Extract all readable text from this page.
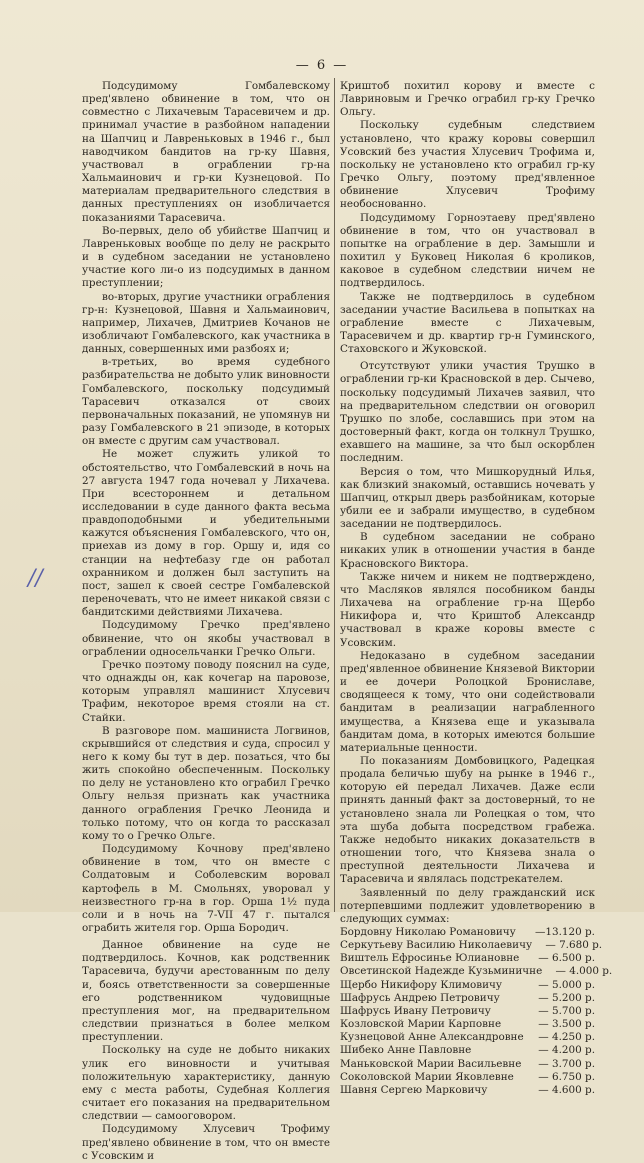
— 6 —

Подсудимому Гомбалевскому пред'явлено обвинение в том, что он совместно с Лихачевым Тарасевичем и др. принимал участие в разбойном нападении на Шапчиц и Лавреньковых в 1946 г., был наводчиком бандитов на гр-ку Шавня, участвовал в ограблении гр-на Хальмаинович и гр-ки Кузнецовой. По материалам предварительного следствия в данных преступлениях он изобличается показаниями Тарасевича.

Во-первых, дело об убийстве Шапчиц и Лавреньковых вообще по делу не раскрыто и в судебном заседании не установлено участие кого ли-о из подсудимых в данном преступлении;

во-вторых, другие участники ограбления гр-н: Кузнецовой, Шавня и Хальмаинович, например, Лихачев, Дмитриев Кочанов не изобличают Гомбалевского, как участника в данных, совершенных ими разбоях и;

в-третьих, во время судебного разбирательства не добыто улик виновности Гомбалевского, поскольку подсудимый Тарасевич отказался от своих первоначальных показаний, не упомянув ни разу Гомбалевского в 21 эпизоде, в которых он вместе с другим сам участвовал.

Не может служить уликой то обстоятельство, что Гомбалевский в ночь на 27 августа 1947 года ночевал у Лихачева. При всестороннем и детальном исследовании в суде данного факта весьма правдоподобными и убедительными кажутся объяснения Гомбалевского, что он, приехав из дому в гор. Оршу и, идя со станции на нефтебазу где он работал охранником и должен был заступить на пост, зашел к своей сестре Гомбалевской переночевать, что не имеет никакой связи с бандитскими действиями Лихачева.

Подсудимому Гречко пред'явлено обвинение, что он якобы участвовал в ограблении односельчанки Гречко Ольги.

Гречко поэтому поводу пояснил на суде, что однажды он, как кочегар на паровозе, которым управлял машинист Хлусевич Трафим, некоторое время стояли на ст. Стайки.

В разговоре пом. машиниста Логвинов, скрывшийся от следствия и суда, спросил у него к кому бы тут в дер. позаться, что бы жить спокойно обеспеченным. Поскольку по делу не установлено кто ограбил Гречко Ольгу нельзя признать как участника данного ограбления Гречко Леонида и только потому, что он когда то рассказал кому то о Гречко Ольге.

Подсудимому Кочнову пред'явлено обвинение в том, что он вместе с Солдатовым и Соболевским воровал картофель в М. Смольнях, уворовал у неизвестного гр-на в гор. Орша 1½ пуда соли и в ночь на 7-VII 47 г. пытался ограбить жителя гор. Орша Бородич.

Данное обвинение на суде не подтвердилось. Кочнов, как родственник Тарасевича, будучи арестованным по делу и, боясь ответственности за совершенные его родственником чудовищные преступления мог, на предварительном следствии признаться в более мелком преступлении.

Поскольку на суде не добыто никаких улик его виновности и учитывая положительную характеристику, данную ему с места работы, Судебная Коллегия считает его показания на предварительном следствии — самооговором.

Подсудимому Хлусевич Трофиму пред'явлено обвинение в том, что он вместе с Усовским и

Криштоб похитил корову и вместе с Лавриновым и Гречко ограбил гр-ку Гречко Ольгу.

Поскольку судебным следствием установлено, что кражу коровы совершил Усовский без участия Хлусевич Трофима и, поскольку не установлено кто ограбил гр-ку Гречко Ольгу, поэтому пред'явленное обвинение Хлусевич Трофиму необоснованно.

Подсудимому Горноэтаеву пред'явлено обвинение в том, что он участвовал в попытке на ограбление в дер. Замышли и похитил у Буковец Николая 6 кроликов, каковое в судебном следствии ничем не подтвердилось.

Также не подтвердилось в судебном заседании участие Васильева в попытках на ограбление вместе с Лихачевым, Тарасевичем и др. квартир гр-н Гуминского, Стаховского и Жуковской.

Отсутствуют улики участия Трушко в ограблении гр-ки Красновской в дер. Сычево, поскольку подсудимый Лихачев заявил, что на предварительном следствии он оговорил Трушко по злобе, сославшись при этом на достоверный факт, когда он толкнул Трушко, ехавшего на машине, за что был оскорблен последним.

Версия о том, что Мишкорудный Илья, как близкий знакомый, оставшись ночевать у Шапчиц, открыл дверь разбойникам, которые убили ее и забрали имущество, в судебном заседании не подтвердилось.

В судебном заседании не собрано никаких улик в отношении участия в банде Красновского Виктора.

Также ничем и никем не подтверждено, что Масляков являлся пособником банды Лихачева на ограбление гр-на Щербо Никифора и, что Криштоб Александр участвовал в краже коровы вместе с Усовским.

Недоказано в судебном заседании пред'явленное обвинение Князевой Виктории и ее дочери Ролоцкой Брониславе, сводящееся к тому, что они содействовали бандитам в реализации награбленного имущества, а Князева еще и указывала бандитам дома, в которых имеются большие материальные ценности.

По показаниям Домбовицкого, Радецкая продала беличью шубу на рынке в 1946 г., которую ей передал Лихачев. Даже если принять данный факт за достоверный, то не установлено знала ли Ролецкая о том, что эта шуба добыта посредством грабежа. Также недобыто никаких доказательств в отношении того, что Князева знала о преступной деятельности Лихачева и Тарасевича и являлась подстрекателем.

Заявленный по делу гражданский иск потерпевшими подлежит удовлетворению в следующих суммах:

Бордовну Николаю Романовичу	—13.120 р.
Серкутьеву Василию Николаевичу	— 7.680 р.
Виштель Ефросинье Юлиановне	— 6.500 р.
Овсетинской Надежде Кузьминичне	— 4.000 р.
Щербо Никифору Климовичу	— 5.000 р.
Шафрусь Андрею Петровичу	— 5.200 р.
Шафрусь Ивану Петровичу	— 5.700 р.
Козловской Марии Карповне	— 3.500 р.
Кузнецовой Анне Александровне	— 4.250 р.
Шибеко Анне Павловне	— 4.200 р.
Маньковской Марии Васильевне	— 3.700 р.
Соколовской Марии Яковлевне	— 6.750 р.
Шавня Сергею Марковичу	— 4.600 р.
//
